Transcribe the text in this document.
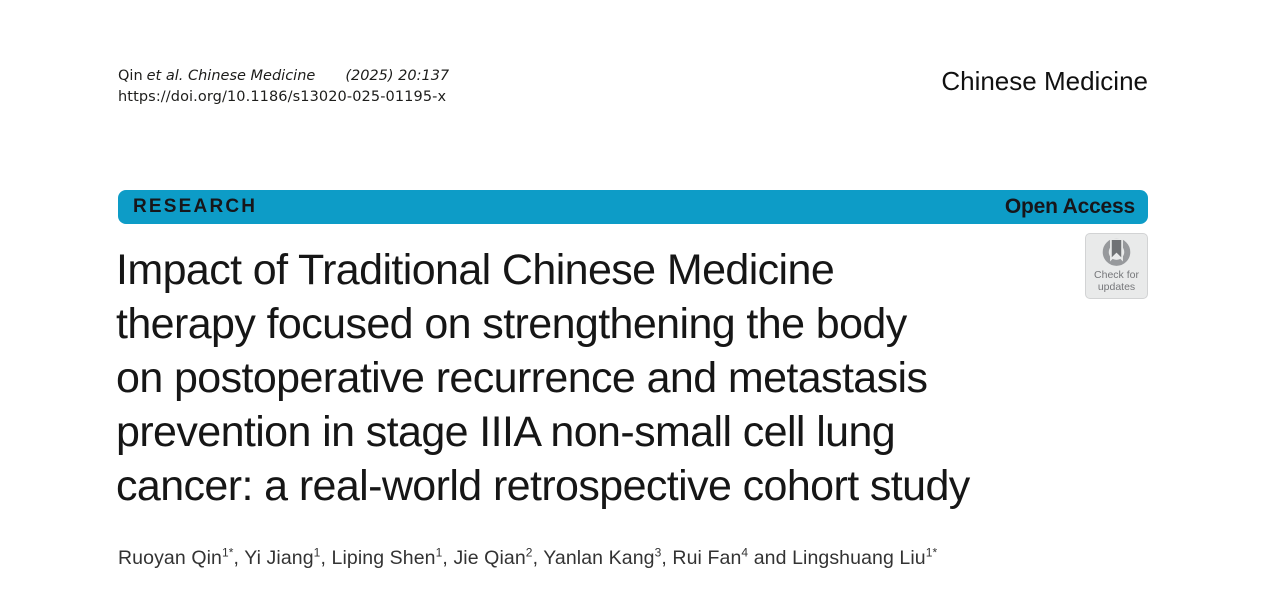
Qin et al. Chinese Medicine (2025) 20:137
https://doi.org/10.1186/s13020-025-01195-x
Chinese Medicine
RESEARCH	Open Access
Check for
updates
Impact of Traditional Chinese Medicine
therapy focused on strengthening the body
on postoperative recurrence and metastasis
prevention in stage IIIA non-small cell lung
cancer: a real-world retrospective cohort study
Ruoyan Qin$^{1*}$, Yi Jiang$^1$, Liping Shen$^1$, Jie Qian$^2$, Yanlan Kang$^3$, Rui Fan$^4$ and Lingshuang Liu$^{1*}$
